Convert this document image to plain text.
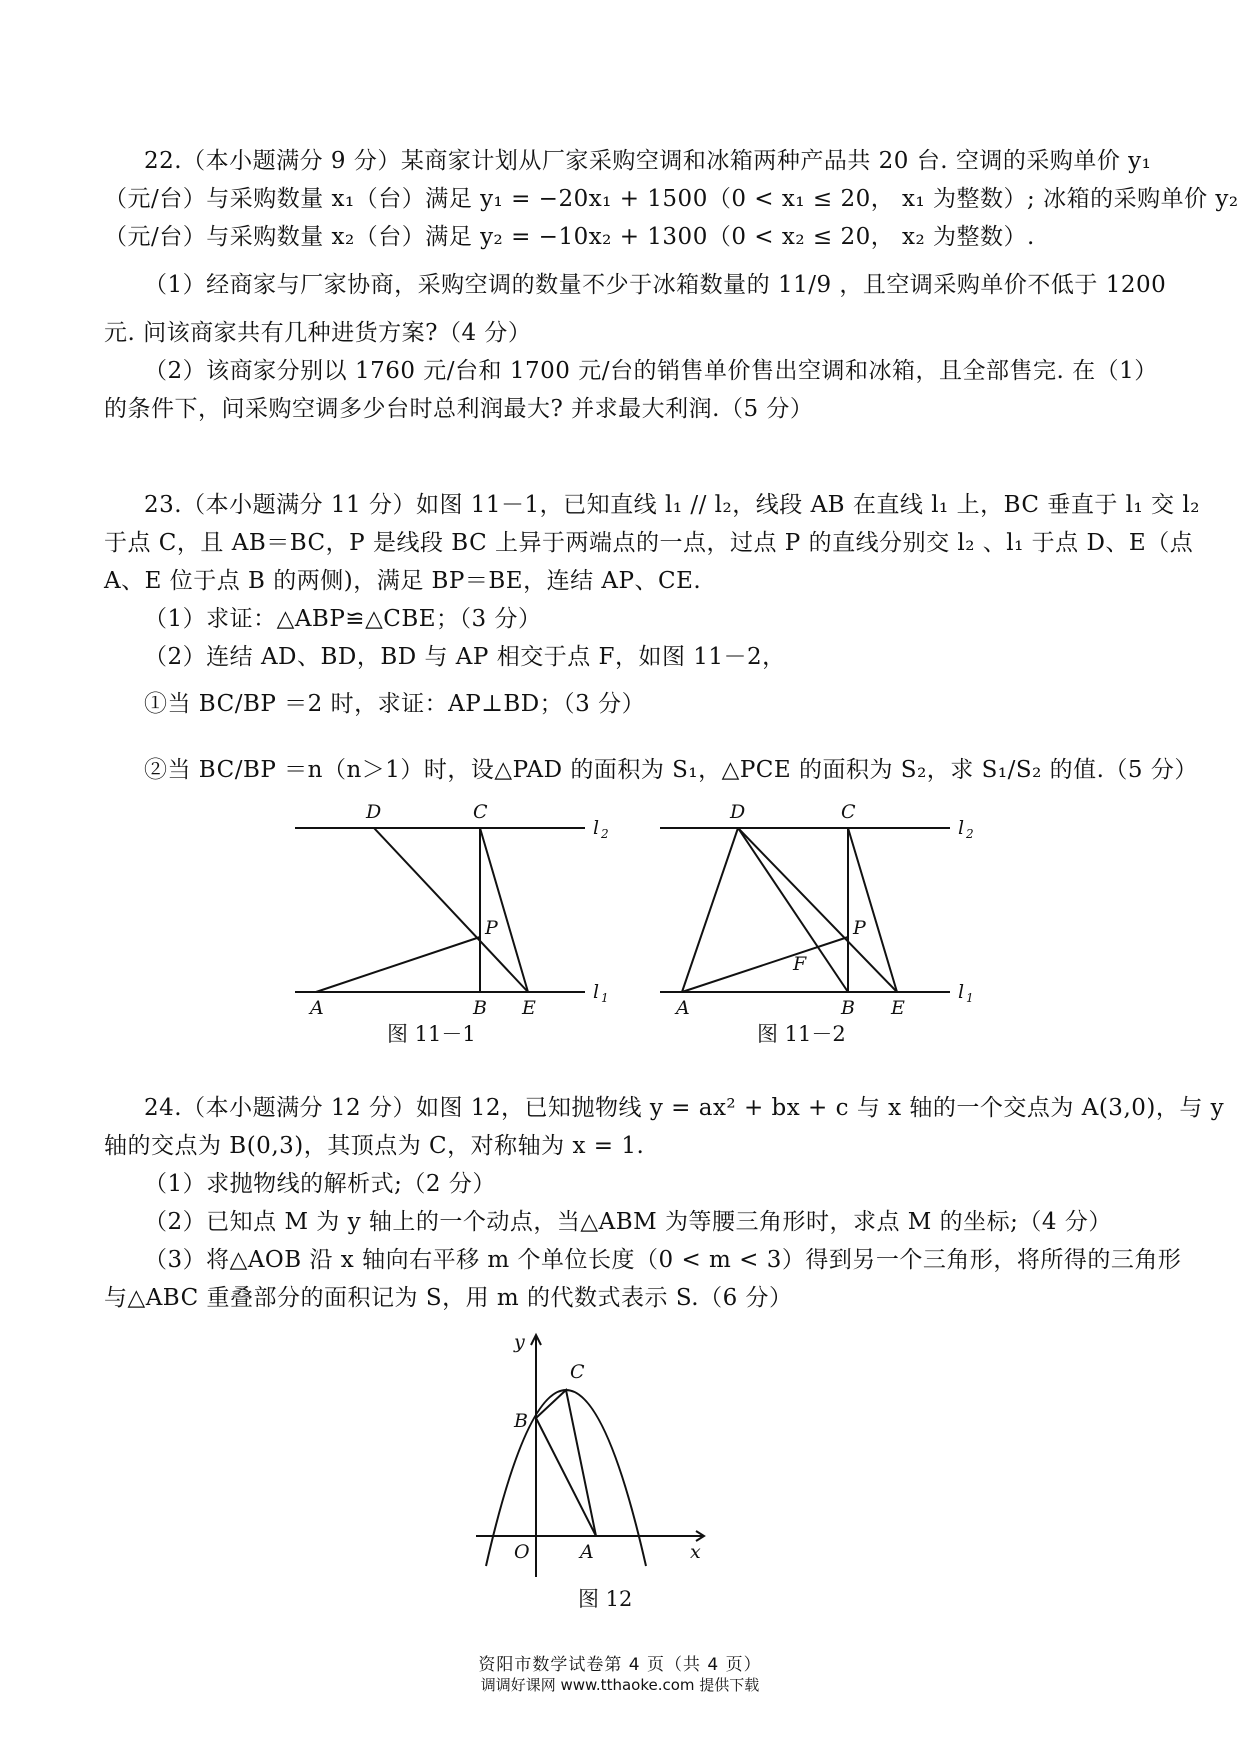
22.（本小题满分 9 分）某商家计划从厂家采购空调和冰箱两种产品共 20 台. 空调的采购单价 y₁
（元/台）与采购数量 x₁（台）满足 y₁ = −20x₁ + 1500（0 < x₁ ≤ 20， x₁ 为整数）; 冰箱的采购单价 y₂
（元/台）与采购数量 x₂（台）满足 y₂ = −10x₂ + 1300（0 < x₂ ≤ 20， x₂ 为整数）.
（1）经商家与厂家协商，采购空调的数量不少于冰箱数量的 11/9 ，且空调采购单价不低于 1200
元. 问该商家共有几种进货方案?（4 分）
（2）该商家分别以 1760 元/台和 1700 元/台的销售单价售出空调和冰箱，且全部售完. 在（1）
的条件下，问采购空调多少台时总利润最大? 并求最大利润.（5 分）
23.（本小题满分 11 分）如图 11－1，已知直线 l₁ // l₂，线段 AB 在直线 l₁ 上，BC 垂直于 l₁ 交 l₂
于点 C，且 AB＝BC，P 是线段 BC 上异于两端点的一点，过点 P 的直线分别交 l₂ 、l₁ 于点 D、E（点
A、E 位于点 B 的两侧)，满足 BP＝BE，连结 AP、CE.
（1）求证：△ABP≌△CBE；（3 分）
（2）连结 AD、BD，BD 与 AP 相交于点 F，如图 11－2，
①当 BC/BP ＝2 时，求证：AP⊥BD；（3 分）
②当 BC/BP ＝n（n＞1）时，设△PAD 的面积为 S₁，△PCE 的面积为 S₂，求 S₁/S₂ 的值.（5 分）
D	C
l 2
P
A	B E
l 1
图 11－1
D	C
l 2
P
F
A	B E
l 1
图 11－2
24.（本小题满分 12 分）如图 12，已知抛物线 y = ax² + bx + c 与 x 轴的一个交点为 A(3,0)，与 y
轴的交点为 B(0,3)，其顶点为 C，对称轴为 x = 1.
（1）求抛物线的解析式;（2 分）
（2）已知点 M 为 y 轴上的一个动点，当△ABM 为等腰三角形时，求点 M 的坐标;（4 分）
（3）将△AOB 沿 x 轴向右平移 m 个单位长度（0 < m < 3）得到另一个三角形，将所得的三角形
与△ABC 重叠部分的面积记为 S，用 m 的代数式表示 S.（6 分）
y
C
B
O	A	x
图 12
资阳市数学试卷第 4 页（共 4 页）
调调好课网 www.tthaoke.com 提供下载
